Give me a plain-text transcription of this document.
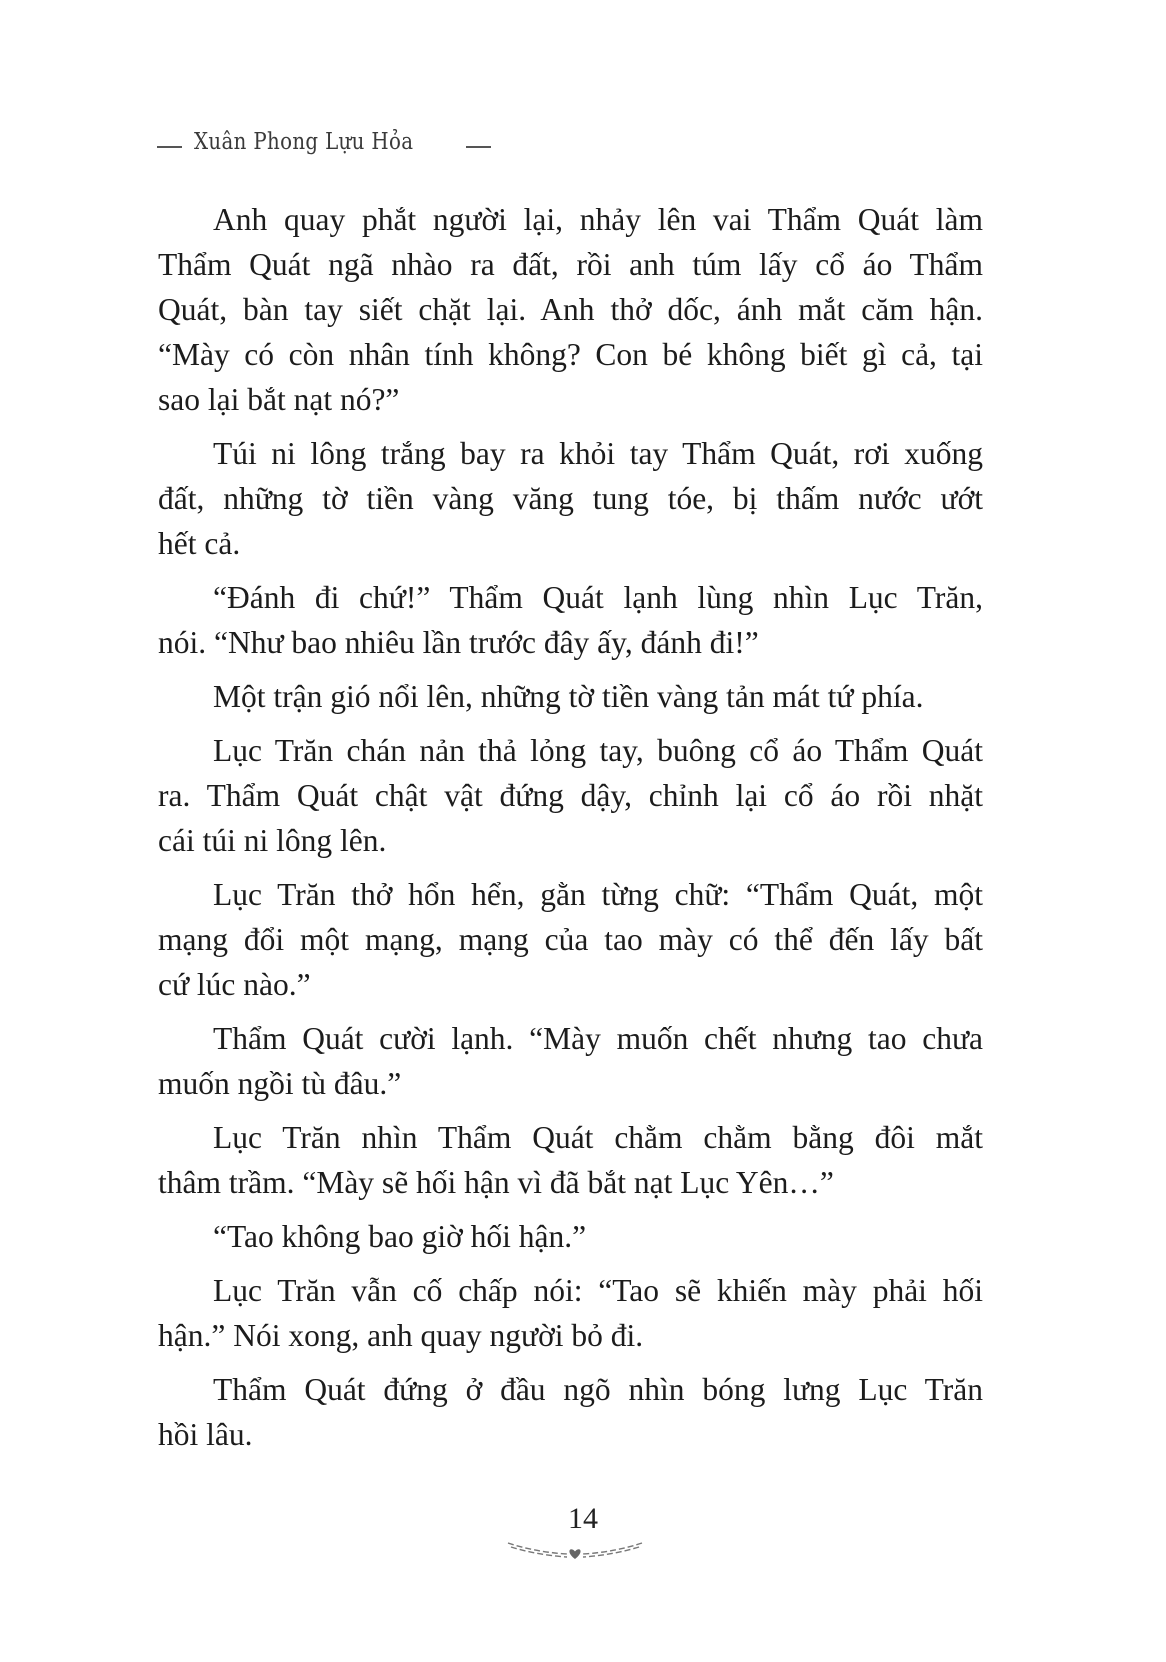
Xuân Phong Lựu Hỏa
Anh quay phắt người lại, nhảy lên vai Thẩm Quát làm
Thẩm Quát ngã nhào ra đất, rồi anh túm lấy cổ áo Thẩm
Quát, bàn tay siết chặt lại. Anh thở dốc, ánh mắt căm hận.
“Mày có còn nhân tính không? Con bé không biết gì cả, tại
sao lại bắt nạt nó?”
Túi ni lông trắng bay ra khỏi tay Thẩm Quát, rơi xuống
đất, những tờ tiền vàng văng tung tóe, bị thấm nước ướt
hết cả.
“Đánh đi chứ!” Thẩm Quát lạnh lùng nhìn Lục Trăn,
nói. “Như bao nhiêu lần trước đây ấy, đánh đi!”
Một trận gió nổi lên, những tờ tiền vàng tản mát tứ phía.
Lục Trăn chán nản thả lỏng tay, buông cổ áo Thẩm Quát
ra. Thẩm Quát chật vật đứng dậy, chỉnh lại cổ áo rồi nhặt
cái túi ni lông lên.
Lục Trăn thở hổn hển, gằn từng chữ: “Thẩm Quát, một
mạng đổi một mạng, mạng của tao mày có thể đến lấy bất
cứ lúc nào.”
Thẩm Quát cười lạnh. “Mày muốn chết nhưng tao chưa
muốn ngồi tù đâu.”
Lục Trăn nhìn Thẩm Quát chằm chằm bằng đôi mắt
thâm trầm. “Mày sẽ hối hận vì đã bắt nạt Lục Yên…”
“Tao không bao giờ hối hận.”
Lục Trăn vẫn cố chấp nói: “Tao sẽ khiến mày phải hối
hận.” Nói xong, anh quay người bỏ đi.
Thẩm Quát đứng ở đầu ngõ nhìn bóng lưng Lục Trăn
hồi lâu.
14
